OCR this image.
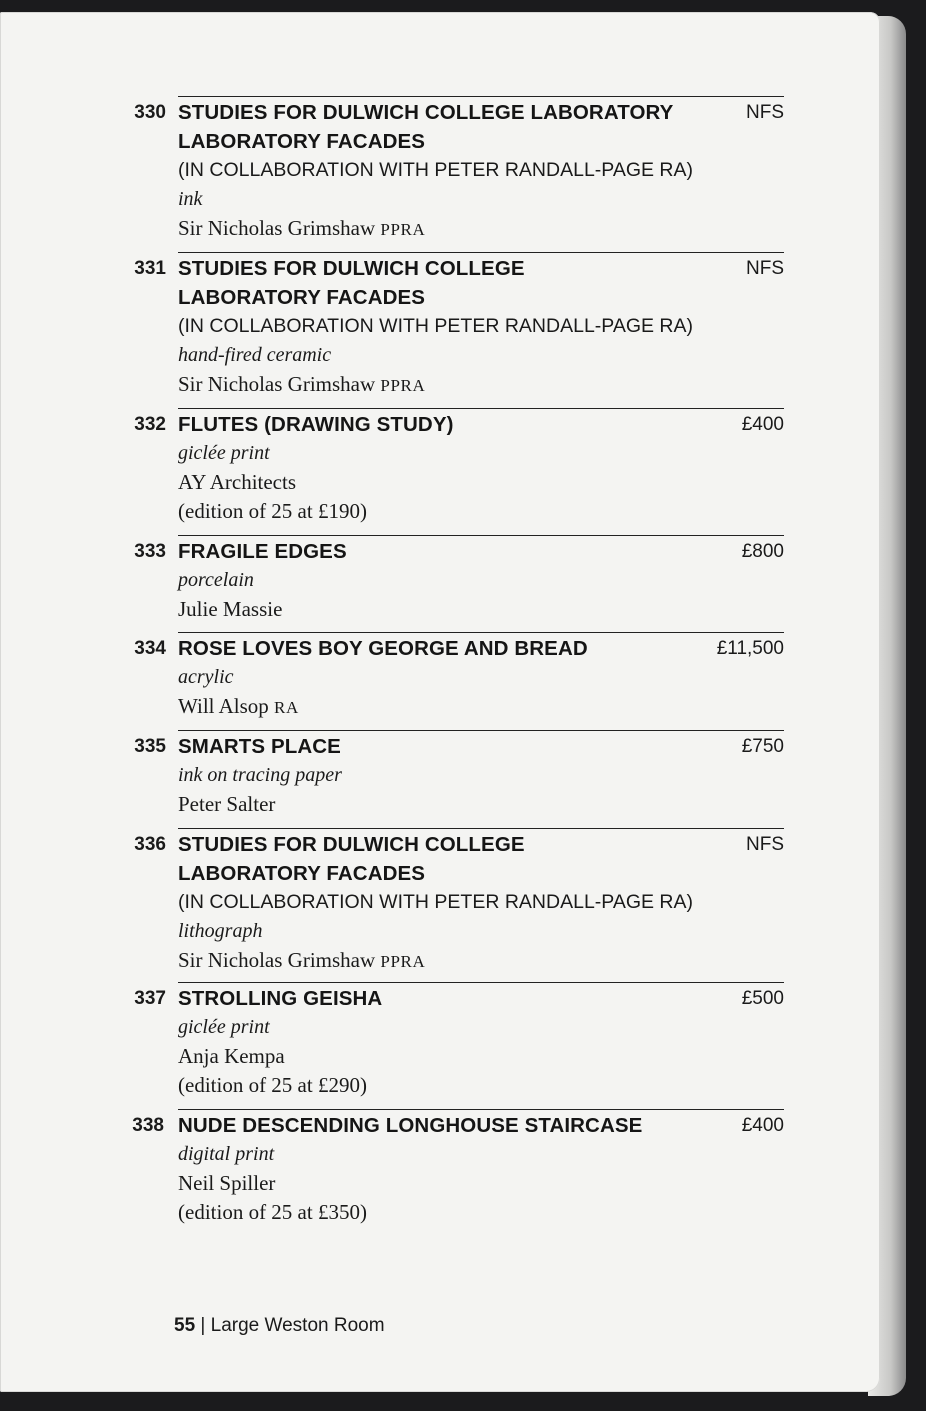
330 STUDIES FOR DULWICH COLLEGE LABORATORY
LABORATORY FACADES
(IN COLLABORATION WITH PETER RANDALL-PAGE RA)
ink
Sir Nicholas Grimshaw PPRA
NFS
331 STUDIES FOR DULWICH COLLEGE
LABORATORY FACADES
(IN COLLABORATION WITH PETER RANDALL-PAGE RA)
hand-fired ceramic
Sir Nicholas Grimshaw PPRA
NFS
332 FLUTES (DRAWING STUDY)
giclée print
AY Architects
(edition of 25 at £190)
£400
333 FRAGILE EDGES
porcelain
Julie Massie
£800
334 ROSE LOVES BOY GEORGE AND BREAD
acrylic
Will Alsop RA
£11,500
335 SMARTS PLACE
ink on tracing paper
Peter Salter
£750
336 STUDIES FOR DULWICH COLLEGE
LABORATORY FACADES
(IN COLLABORATION WITH PETER RANDALL-PAGE RA)
lithograph
Sir Nicholas Grimshaw PPRA
NFS
337 STROLLING GEISHA
giclée print
Anja Kempa
(edition of 25 at £290)
£500
338 NUDE DESCENDING LONGHOUSE STAIRCASE
digital print
Neil Spiller
(edition of 25 at £350)
£400
55 | Large Weston Room
